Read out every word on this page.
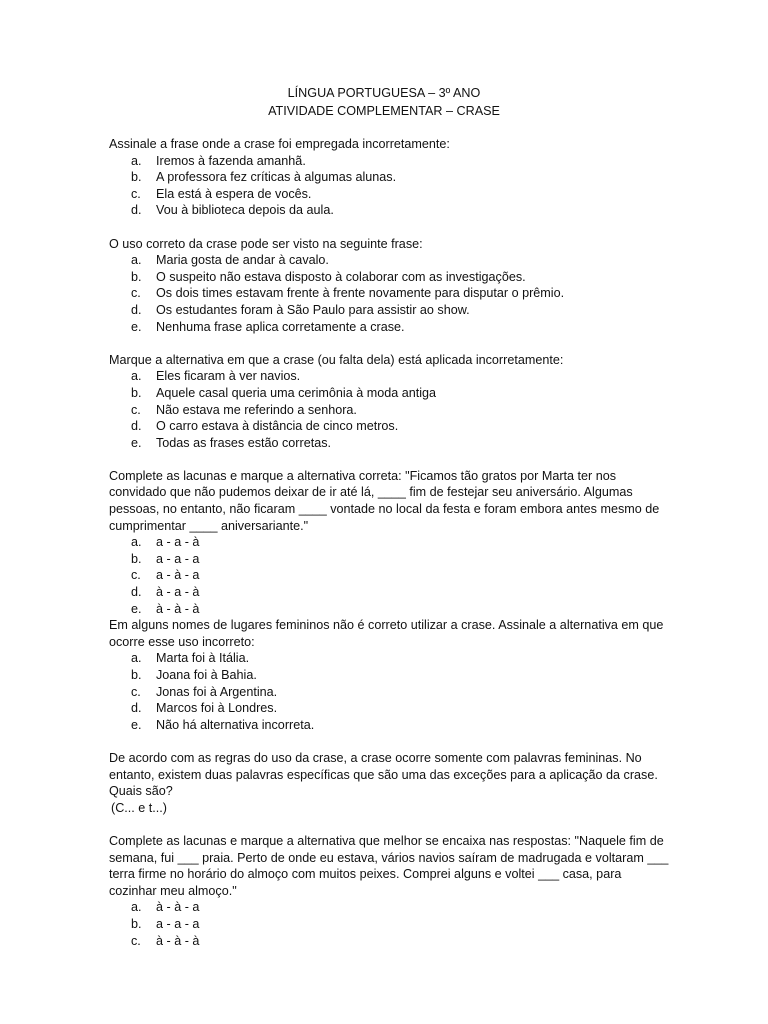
LÍNGUA PORTUGUESA – 3º ANO
ATIVIDADE COMPLEMENTAR – CRASE

Assinale a frase onde a crase foi empregada incorretamente:

a.	Iremos à fazenda amanhã.
b.	A professora fez críticas à algumas alunas.
c.	Ela está à espera de vocês.
d.	Vou à biblioteca depois da aula.

O uso correto da crase pode ser visto na seguinte frase:

a.	Maria gosta de andar à cavalo.
b.	O suspeito não estava disposto à colaborar com as investigações.
c.	Os dois times estavam frente à frente novamente para disputar o prêmio.
d.	Os estudantes foram à São Paulo para assistir ao show.
e.	Nenhuma frase aplica corretamente a crase.

Marque a alternativa em que a crase (ou falta dela) está aplicada incorretamente:

a.	Eles ficaram à ver navios.
b.	Aquele casal queria uma cerimônia à moda antiga
c.	Não estava me referindo a senhora.
d.	O carro estava à distância de cinco metros.
e.	Todas as frases estão corretas.

Complete as lacunas e marque a alternativa correta: "Ficamos tão gratos por Marta ter nos convidado que não pudemos deixar de ir até lá, ____ fim de festejar seu aniversário. Algumas pessoas, no entanto, não ficaram ____ vontade no local da festa e foram embora antes mesmo de cumprimentar ____ aniversariante."

a.	a - a - à
b.	a - a - a
c.	a - à - a
d.	à - a - à
e.	à - à - à

Em alguns nomes de lugares femininos não é correto utilizar a crase. Assinale a alternativa em que ocorre esse uso incorreto:

a.	Marta foi à Itália.
b.	Joana foi à Bahia.
c.	Jonas foi à Argentina.
d.	Marcos foi à Londres.
e.	Não há alternativa incorreta.

De acordo com as regras do uso da crase, a crase ocorre somente com palavras femininas. No entanto, existem duas palavras específicas que são uma das exceções para a aplicação da crase. Quais são?

(C... e t...)

Complete as lacunas e marque a alternativa que melhor se encaixa nas respostas: "Naquele fim de semana, fui ___ praia. Perto de onde eu estava, vários navios saíram de madrugada e voltaram ___ terra firme no horário do almoço com muitos peixes. Comprei alguns e voltei ___ casa, para cozinhar meu almoço."

a.	à - à - a
b.	a - a - a
c.	à - à - à
